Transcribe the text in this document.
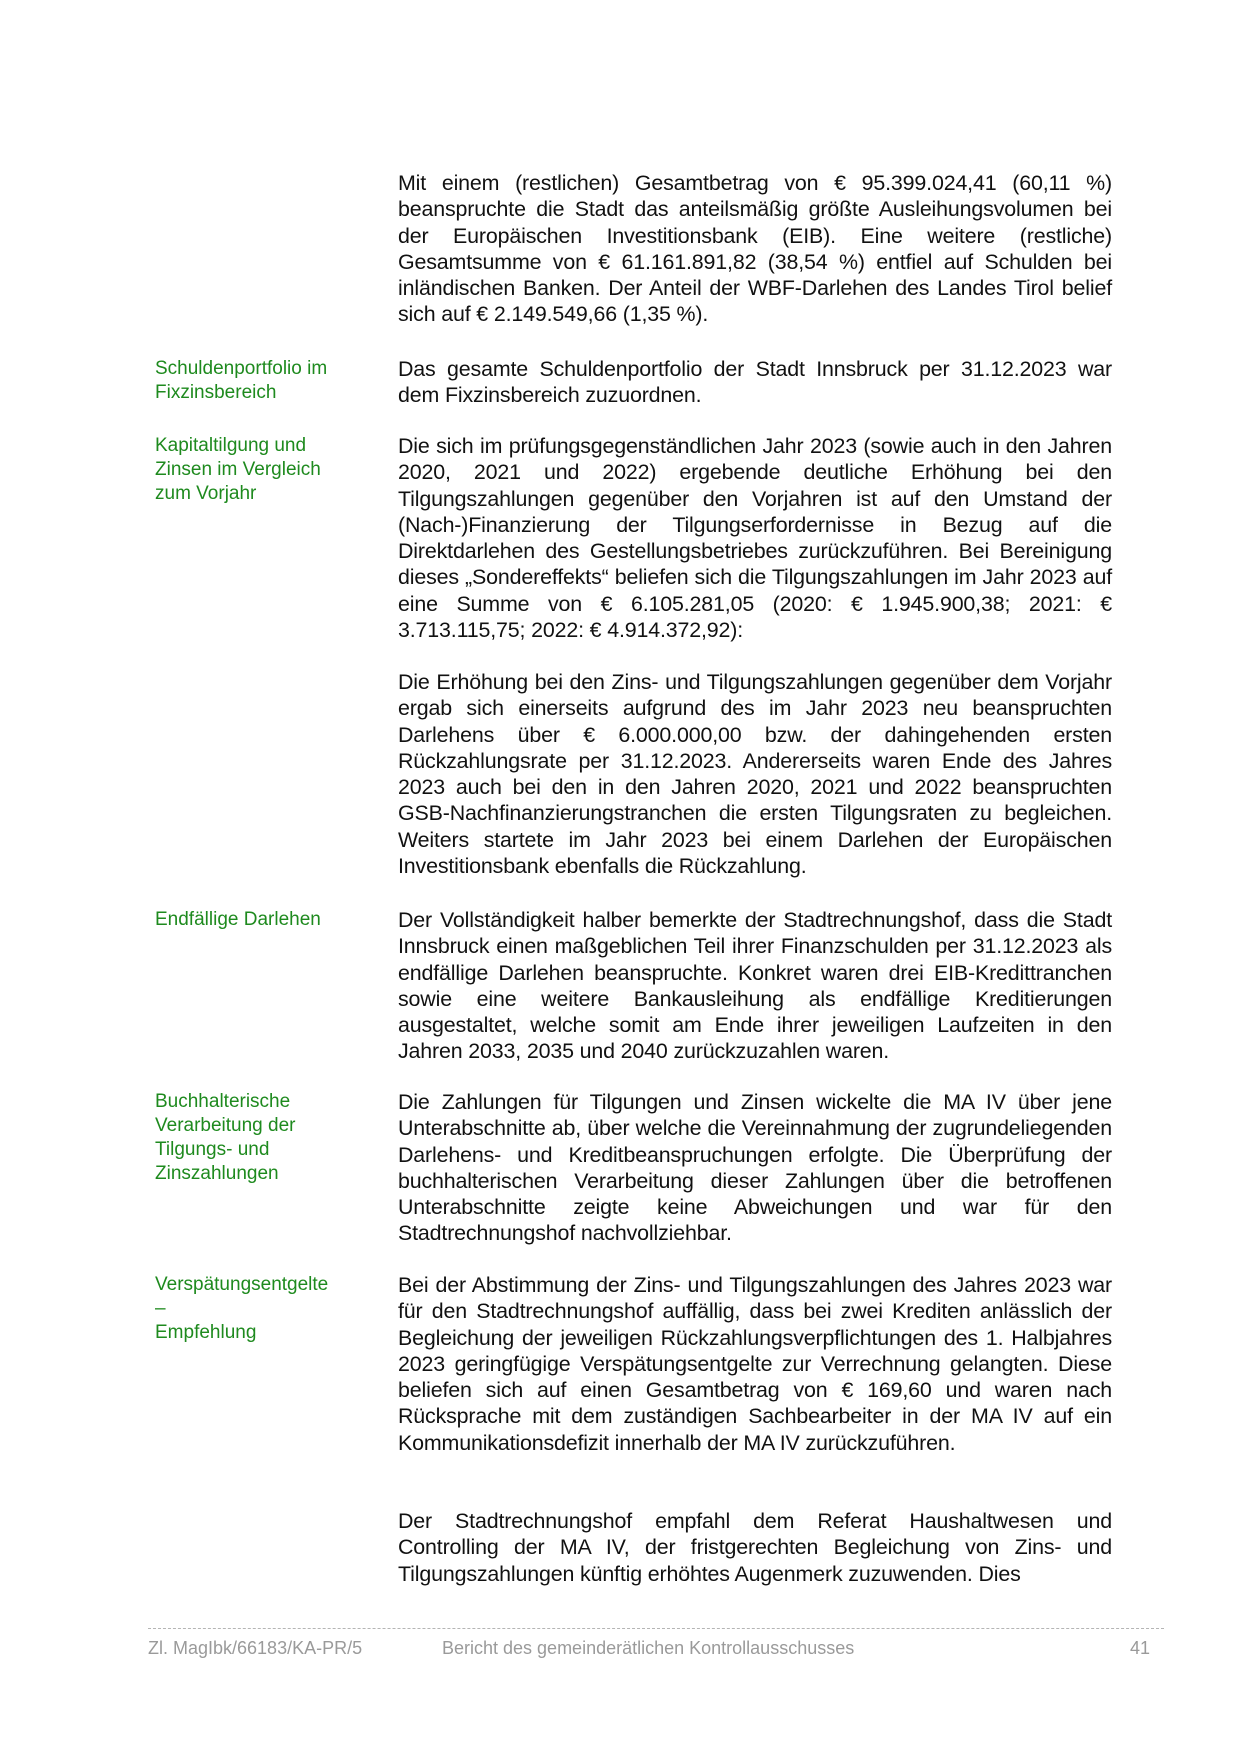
Mit einem (restlichen) Gesamtbetrag von € 95.399.024,41 (60,11 %) beanspruchte die Stadt das anteilsmäßig größte Ausleihungsvolumen bei der Europäischen Investitionsbank (EIB). Eine weitere (restliche) Gesamtsumme von € 61.161.891,82 (38,54 %) entfiel auf Schulden bei inländischen Banken. Der Anteil der WBF-Darlehen des Landes Tirol belief sich auf € 2.149.549,66 (1,35 %).

Schuldenportfolio im
Fixzinsbereich

Das gesamte Schuldenportfolio der Stadt Innsbruck per 31.12.2023 war dem Fixzinsbereich zuzuordnen.

Kapitaltilgung und
Zinsen im Vergleich
zum Vorjahr

Die sich im prüfungsgegenständlichen Jahr 2023 (sowie auch in den Jahren 2020, 2021 und 2022) ergebende deutliche Erhöhung bei den Tilgungszahlungen gegenüber den Vorjahren ist auf den Umstand der (Nach-)Finanzierung der Tilgungserfordernisse in Bezug auf die Direktdarlehen des Gestellungsbetriebes zurückzuführen. Bei Bereinigung dieses „Sondereffekts“ beliefen sich die Tilgungszahlungen im Jahr 2023 auf eine Summe von € 6.105.281,05 (2020: € 1.945.900,38; 2021: € 3.713.115,75; 2022: € 4.914.372,92):

Die Erhöhung bei den Zins- und Tilgungszahlungen gegenüber dem Vorjahr ergab sich einerseits aufgrund des im Jahr 2023 neu beanspruchten Darlehens über € 6.000.000,00 bzw. der dahingehenden ersten Rückzahlungsrate per 31.12.2023. Andererseits waren Ende des Jahres 2023 auch bei den in den Jahren 2020, 2021 und 2022 beanspruchten GSB-Nachfinanzierungstranchen die ersten Tilgungsraten zu begleichen. Weiters startete im Jahr 2023 bei einem Darlehen der Europäischen Investitionsbank ebenfalls die Rückzahlung.

Endfällige Darlehen	Der Vollständigkeit halber bemerkte der Stadtrechnungshof, dass die Stadt Innsbruck einen maßgeblichen Teil ihrer Finanzschulden per 31.12.2023 als endfällige Darlehen beanspruchte. Konkret waren drei EIB-Kredittranchen sowie eine weitere Bankausleihung als endfällige Kreditierungen ausgestaltet, welche somit am Ende ihrer jeweiligen Laufzeiten in den Jahren 2033, 2035 und 2040 zurückzuzahlen waren.

Buchhalterische
Verarbeitung der
Tilgungs- und
Zinszahlungen

Die Zahlungen für Tilgungen und Zinsen wickelte die MA IV über jene Unterabschnitte ab, über welche die Vereinnahmung der zugrundeliegenden Darlehens- und Kreditbeanspruchungen erfolgte. Die Überprüfung der buchhalterischen Verarbeitung dieser Zahlungen über die betroffenen Unterabschnitte zeigte keine Abweichungen und war für den Stadtrechnungshof nachvollziehbar.

Verspätungsentgelte
–
Empfehlung

Bei der Abstimmung der Zins- und Tilgungszahlungen des Jahres 2023 war für den Stadtrechnungshof auffällig, dass bei zwei Krediten anlässlich der Begleichung der jeweiligen Rückzahlungsverpflichtungen des 1. Halbjahres 2023 geringfügige Verspätungsentgelte zur Verrechnung gelangten. Diese beliefen sich auf einen Gesamtbetrag von € 169,60 und waren nach Rücksprache mit dem zuständigen Sachbearbeiter in der MA IV auf ein Kommunikationsdefizit innerhalb der MA IV zurückzuführen.

Der Stadtrechnungshof empfahl dem Referat Haushaltwesen und Controlling der MA IV, der fristgerechten Begleichung von Zins- und Tilgungszahlungen künftig erhöhtes Augenmerk zuzuwenden. Dies

Zl. MagIbk/66183/KA-PR/5	Bericht des gemeinderätlichen Kontrollausschusses	41
